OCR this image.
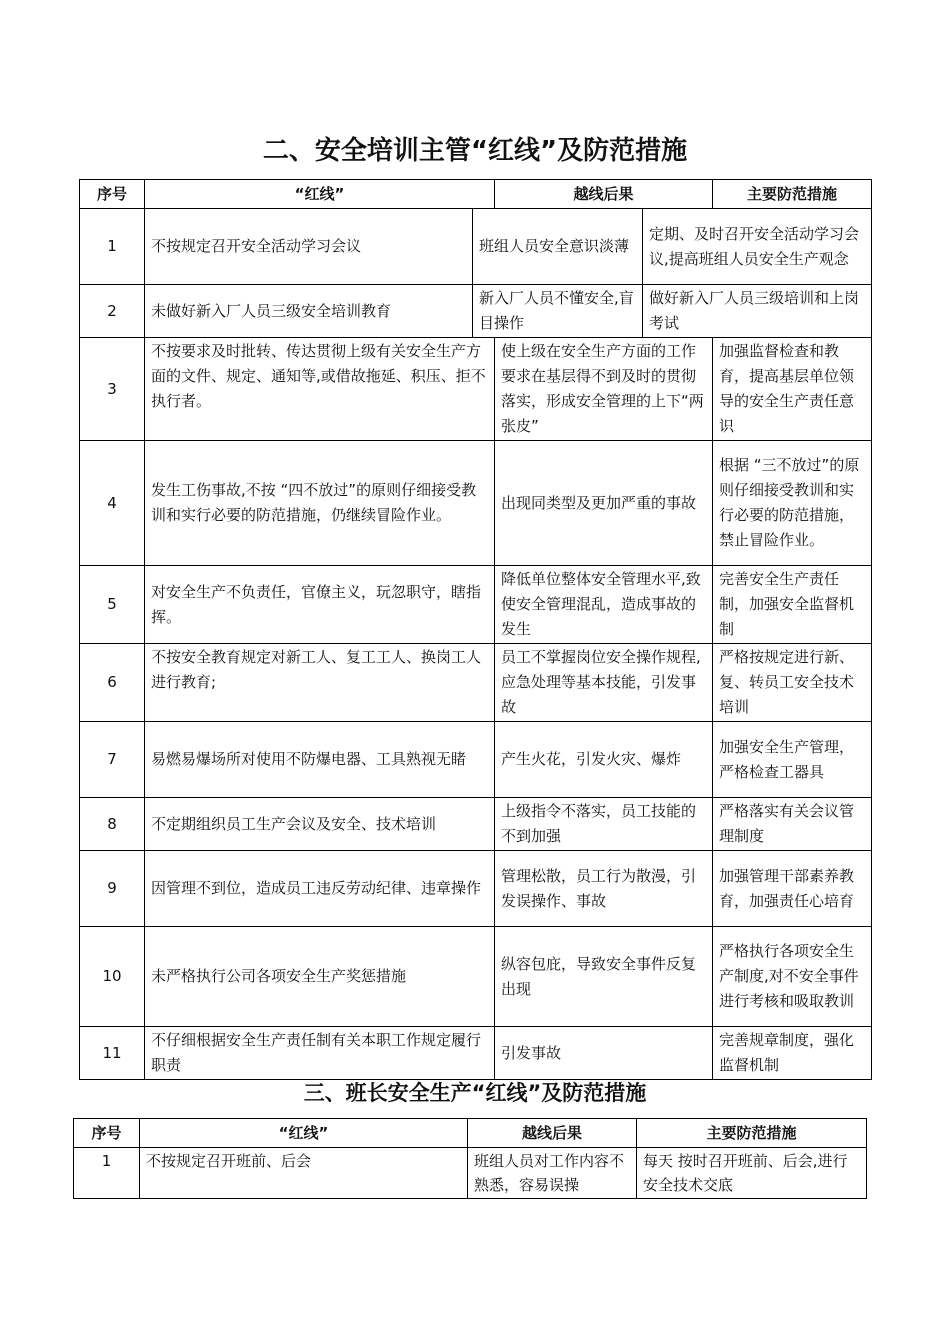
二、安全培训主管“红线”及防范措施
序号	“红线”		越线后果		主要防范措施
1	不按规定召开安全活动学习会议	班组人员安全意识淡薄		定期、及时召开安全活动学习会议,提高班组人员安全生产观念	
2	未做好新入厂人员三级安全培训教育	新入厂人员不懂安全,盲目操作		做好新入厂人员三级培训和上岗考试	
3	不按要求及时批转、传达贯彻上级有关安全生产方面的文件、规定、通知等,或借故拖延、积压、拒不执行者。		使上级在安全生产方面的工作要求在基层得不到及时的贯彻落实，形成安全管理的上下“两张皮”		加强监督检查和教育，提高基层单位领导的安全生产责任意识
4	发生工伤事故,不按 “四不放过”的原则仔细接受教训和实行必要的防范措施，仍继续冒险作业。		出现同类型及更加严重的事故		根据 “三不放过”的原则仔细接受教训和实行必要的防范措施，禁止冒险作业。
5	对安全生产不负责任，官僚主义，玩忽职守，瞎指挥。		降低单位整体安全管理水平,致使安全管理混乱，造成事故的发生		完善安全生产责任制，加强安全监督机制
6	不按安全教育规定对新工人、复工工人、换岗工人进行教育;		员工不掌握岗位安全操作规程,应急处理等基本技能，引发事故		严格按规定进行新、复、转员工安全技术培训
7	易燃易爆场所对使用不防爆电器、工具熟视无睹		产生火花，引发火灾、爆炸		加强安全生产管理，严格检查工器具
8	不定期组织员工生产会议及安全、技术培训		上级指令不落实，员工技能的不到加强		严格落实有关会议管理制度
9	因管理不到位，造成员工违反劳动纪律、违章操作		管理松散，员工行为散漫，引发误操作、事故		加强管理干部素养教育，加强责任心培育
10	未严格执行公司各项安全生产奖惩措施		纵容包庇，导致安全事件反复出现		严格执行各项安全生产制度,对不安全事件进行考核和吸取教训
11	不仔细根据安全生产责任制有关本职工作规定履行职责		引发事故		完善规章制度，强化监督机制
三、班长安全生产“红线”及防范措施
序号	“红线”	越线后果	主要防范措施
1	不按规定召开班前、后会	班组人员对工作内容不熟悉，容易误操	每天 按时召开班前、后会,进行安全技术交底
